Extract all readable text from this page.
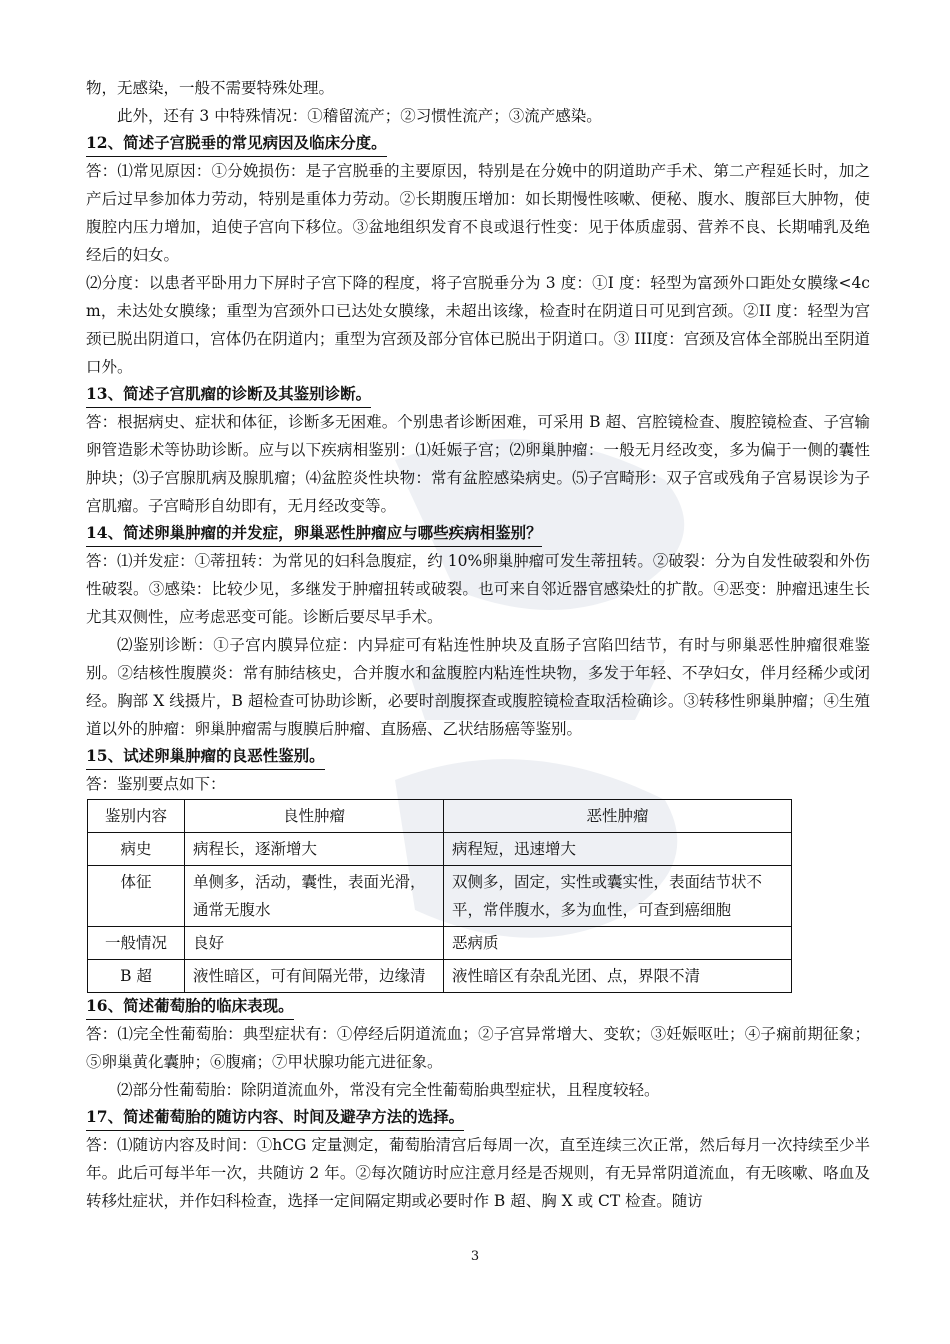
物，无感染，一般不需要特殊处理。

此外，还有 3 中特殊情况：①稽留流产；②习惯性流产；③流产感染。

12、简述子宫脱垂的常见病因及临床分度。

答：⑴常见原因：①分娩损伤：是子宫脱垂的主要原因，特别是在分娩中的阴道助产手术、第二产程延长时，加之产后过早参加体力劳动，特别是重体力劳动。②长期腹压增加：如长期慢性咳嗽、便秘、腹水、腹部巨大肿物，使腹腔内压力增加，迫使子宫向下移位。③盆地组织发育不良或退行性变：见于体质虚弱、营养不良、长期哺乳及绝经后的妇女。

⑵分度：以患者平卧用力下屏时子宫下降的程度，将子宫脱垂分为 3 度：①I 度：轻型为富颈外口距处女膜缘<4cm，未达处女膜缘；重型为宫颈外口已达处女膜缘，未超出该缘，检查时在阴道日可见到宫颈。②II 度：轻型为宫颈已脱出阴道口，宫体仍在阴道内；重型为宫颈及部分官体已脱出于阴道口。③ III度：宫颈及宫体全部脱出至阴道口外。

13、简述子宫肌瘤的诊断及其鉴别诊断。

答：根据病史、症状和体征，诊断多无困难。个别患者诊断困难，可采用 B 超、宫腔镜检查、腹腔镜检查、子宫输卵管造影术等协助诊断。应与以下疾病相鉴别：⑴妊娠子宫；⑵卵巢肿瘤：一般无月经改变，多为偏于一侧的囊性肿块；⑶子宫腺肌病及腺肌瘤；⑷盆腔炎性块物：常有盆腔感染病史。⑸子宫畸形：双子宫或残角子宫易误诊为子宫肌瘤。子宫畸形自幼即有，无月经改变等。

14、简述卵巢肿瘤的并发症，卵巢恶性肿瘤应与哪些疾病相鉴别？

答：⑴并发症：①蒂扭转：为常见的妇科急腹症，约 10%卵巢肿瘤可发生蒂扭转。②破裂：分为自发性破裂和外伤性破裂。③感染：比较少见，多继发于肿瘤扭转或破裂。也可来自邻近器官感染灶的扩散。④恶变：肿瘤迅速生长尤其双侧性，应考虑恶变可能。诊断后要尽早手术。

⑵鉴别诊断：①子宫内膜异位症：内异症可有粘连性肿块及直肠子宫陷凹结节，有时与卵巢恶性肿瘤很难鉴别。②结核性腹膜炎：常有肺结核史，合并腹水和盆腹腔内粘连性块物，多发于年轻、不孕妇女，伴月经稀少或闭经。胸部 X 线摄片，B 超检查可协助诊断，必要时剖腹探查或腹腔镜检查取活检确诊。③转移性卵巢肿瘤；④生殖道以外的肿瘤：卵巢肿瘤需与腹膜后肿瘤、直肠癌、乙状结肠癌等鉴别。

15、试述卵巢肿瘤的良恶性鉴别。

答：鉴别要点如下：

鉴别内容	良性肿瘤	恶性肿瘤
病史	病程长，逐渐增大	病程短，迅速增大
体征	单侧多，活动，囊性，表面光滑，通常无腹水	双侧多，固定，实性或囊实性，表面结节状不平，常伴腹水，多为血性，可查到癌细胞
一般情况	良好	恶病质
B 超	液性暗区，可有间隔光带，边缘清	液性暗区有杂乱光团、点，界限不清
16、简述葡萄胎的临床表现。

答：⑴完全性葡萄胎：典型症状有：①停经后阴道流血；②子宫异常增大、变软；③妊娠呕吐；④子痫前期征象；⑤卵巢黄化囊肿；⑥腹痛；⑦甲状腺功能亢进征象。

⑵部分性葡萄胎：除阴道流血外，常没有完全性葡萄胎典型症状，且程度较轻。

17、简述葡萄胎的随访内容、时间及避孕方法的选择。

答：⑴随访内容及时间：①hCG 定量测定，葡萄胎清宫后每周一次，直至连续三次正常，然后每月一次持续至少半年。此后可每半年一次，共随访 2 年。②每次随访时应注意月经是否规则，有无异常阴道流血，有无咳嗽、咯血及转移灶症状，并作妇科检查，选择一定间隔定期或必要时作 B 超、胸 X 或 CT 检查。随访

3
